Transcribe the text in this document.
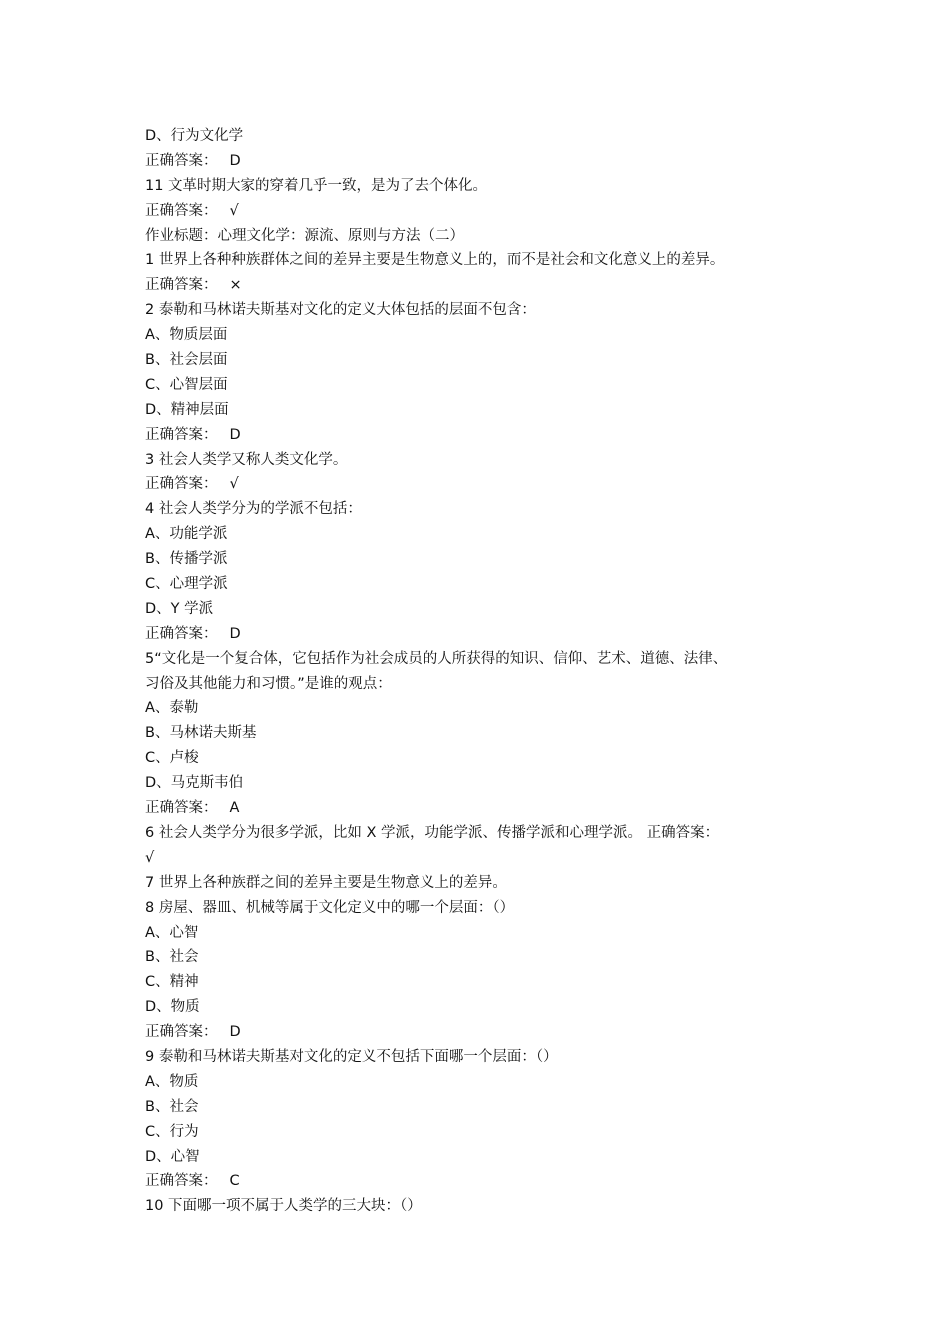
D、行为文化学
正确答案： D
11 文革时期大家的穿着几乎一致，是为了去个体化。
正确答案： √
作业标题：心理文化学：源流、原则与方法（二）
1 世界上各种种族群体之间的差异主要是生物意义上的，而不是社会和文化意义上的差异。
正确答案： ×
2 泰勒和马林诺夫斯基对文化的定义大体包括的层面不包含：
A、物质层面
B、社会层面
C、心智层面
D、精神层面
正确答案： D
3 社会人类学又称人类文化学。
正确答案： √
4 社会人类学分为的学派不包括：
A、功能学派
B、传播学派
C、心理学派
D、Y 学派
正确答案： D
5“文化是一个复合体，它包括作为社会成员的人所获得的知识、信仰、艺术、道德、法律、
习俗及其他能力和习惯。”是谁的观点：
A、泰勒
B、马林诺夫斯基
C、卢梭
D、马克斯韦伯
正确答案： A
6 社会人类学分为很多学派，比如 X 学派，功能学派、传播学派和心理学派。 正确答案：
√
7 世界上各种族群之间的差异主要是生物意义上的差异。
8 房屋、器皿、机械等属于文化定义中的哪一个层面：（）
A、心智
B、社会
C、精神
D、物质
正确答案： D
9 泰勒和马林诺夫斯基对文化的定义不包括下面哪一个层面：（）
A、物质
B、社会
C、行为
D、心智
正确答案： C
10 下面哪一项不属于人类学的三大块：（）
